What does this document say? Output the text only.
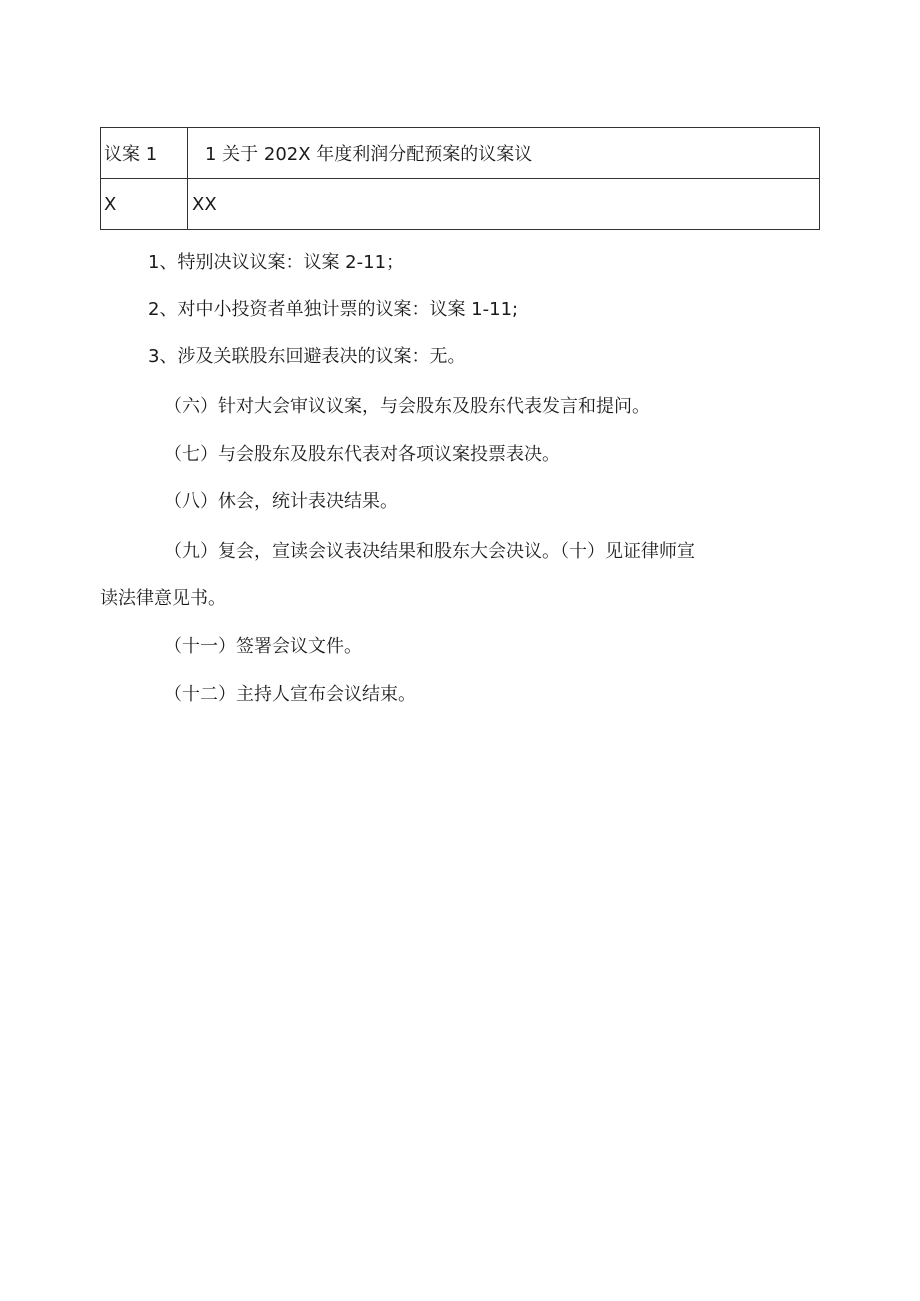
议案 1	1 关于 202X 年度利润分配预案的议案议
X	XX

1、特别决议议案：议案 2-11；

2、对中小投资者单独计票的议案：议案 1-11;

3、涉及关联股东回避表决的议案：无。

（六）针对大会审议议案，与会股东及股东代表发言和提问。

（七）与会股东及股东代表对各项议案投票表决。

（八）休会，统计表决结果。

（九）复会，宣读会议表决结果和股东大会决议。（十）见证律师宣

读法律意见书。

（十一）签署会议文件。

（十二）主持人宣布会议结束。
